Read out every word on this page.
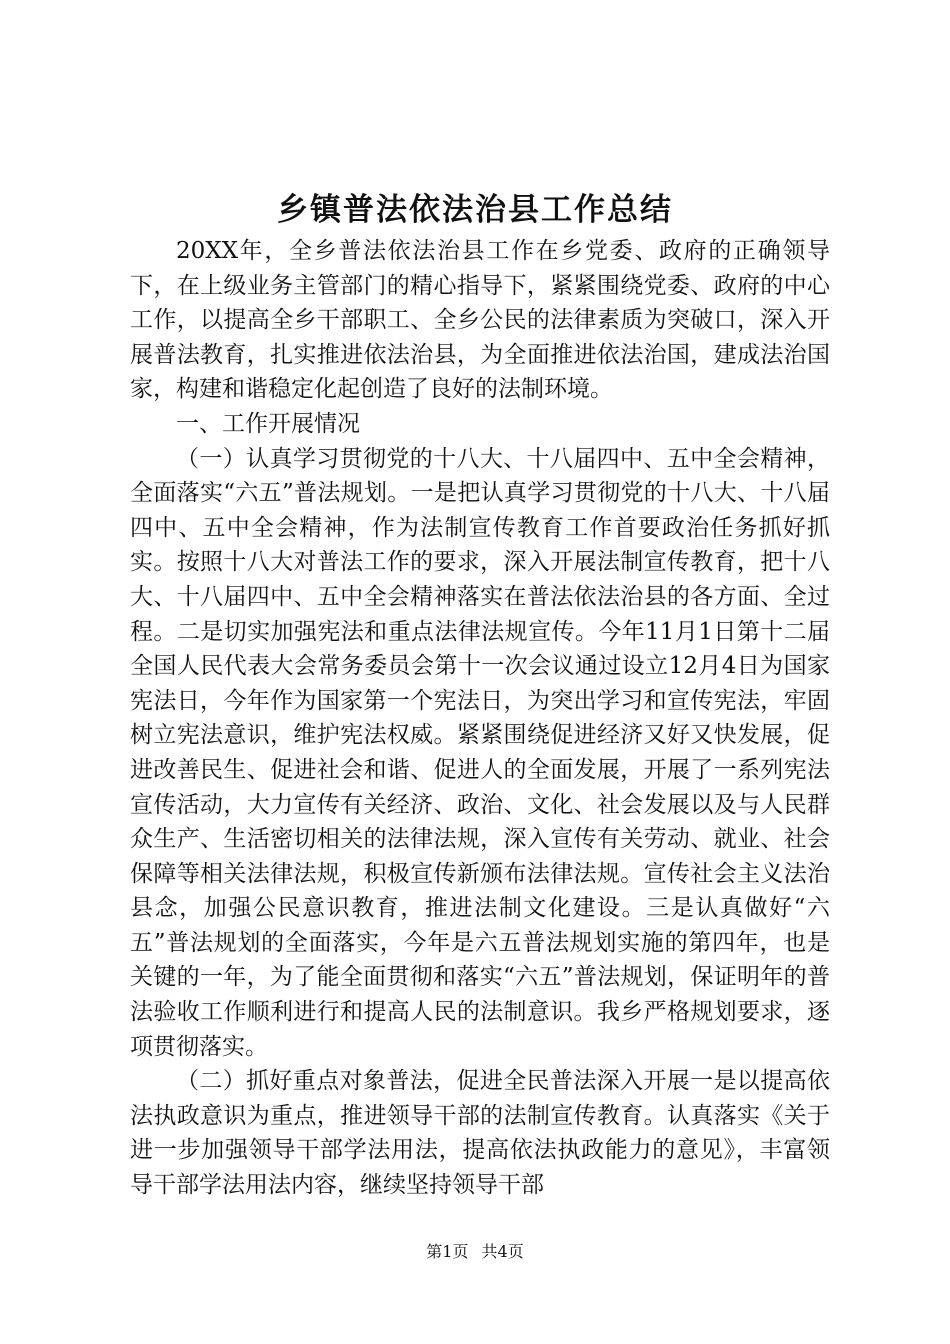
乡镇普法依法治县工作总结

20XX年，全乡普法依法治县工作在乡党委、政府的正确领导下，在上级业务主管部门的精心指导下，紧紧围绕党委、政府的中心工作，以提高全乡干部职工、全乡公民的法律素质为突破口，深入开展普法教育，扎实推进依法治县，为全面推进依法治国，建成法治国家，构建和谐稳定化起创造了良好的法制环境。

一、工作开展情况

（一）认真学习贯彻党的十八大、十八届四中、五中全会精神，全面落实“六五”普法规划。一是把认真学习贯彻党的十八大、十八届四中、五中全会精神，作为法制宣传教育工作首要政治任务抓好抓实。按照十八大对普法工作的要求，深入开展法制宣传教育，把十八大、十八届四中、五中全会精神落实在普法依法治县的各方面、全过程。二是切实加强宪法和重点法律法规宣传。今年11月1日第十二届全国人民代表大会常务委员会第十一次会议通过设立12月4日为国家宪法日，今年作为国家第一个宪法日，为突出学习和宣传宪法，牢固树立宪法意识，维护宪法权威。紧紧围绕促进经济又好又快发展，促进改善民生、促进社会和谐、促进人的全面发展，开展了一系列宪法宣传活动，大力宣传有关经济、政治、文化、社会发展以及与人民群众生产、生活密切相关的法律法规，深入宣传有关劳动、就业、社会保障等相关法律法规，积极宣传新颁布法律法规。宣传社会主义法治县念，加强公民意识教育，推进法制文化建设。三是认真做好“六五”普法规划的全面落实，今年是六五普法规划实施的第四年，也是关键的一年，为了能全面贯彻和落实“六五”普法规划，保证明年的普法验收工作顺利进行和提高人民的法制意识。我乡严格规划要求，逐项贯彻落实。

（二）抓好重点对象普法，促进全民普法深入开展一是以提高依法执政意识为重点，推进领导干部的法制宣传教育。认真落实《关于进一步加强领导干部学法用法，提高依法执政能力的意见》，丰富领导干部学法用法内容，继续坚持领导干部

第1页 共4页
